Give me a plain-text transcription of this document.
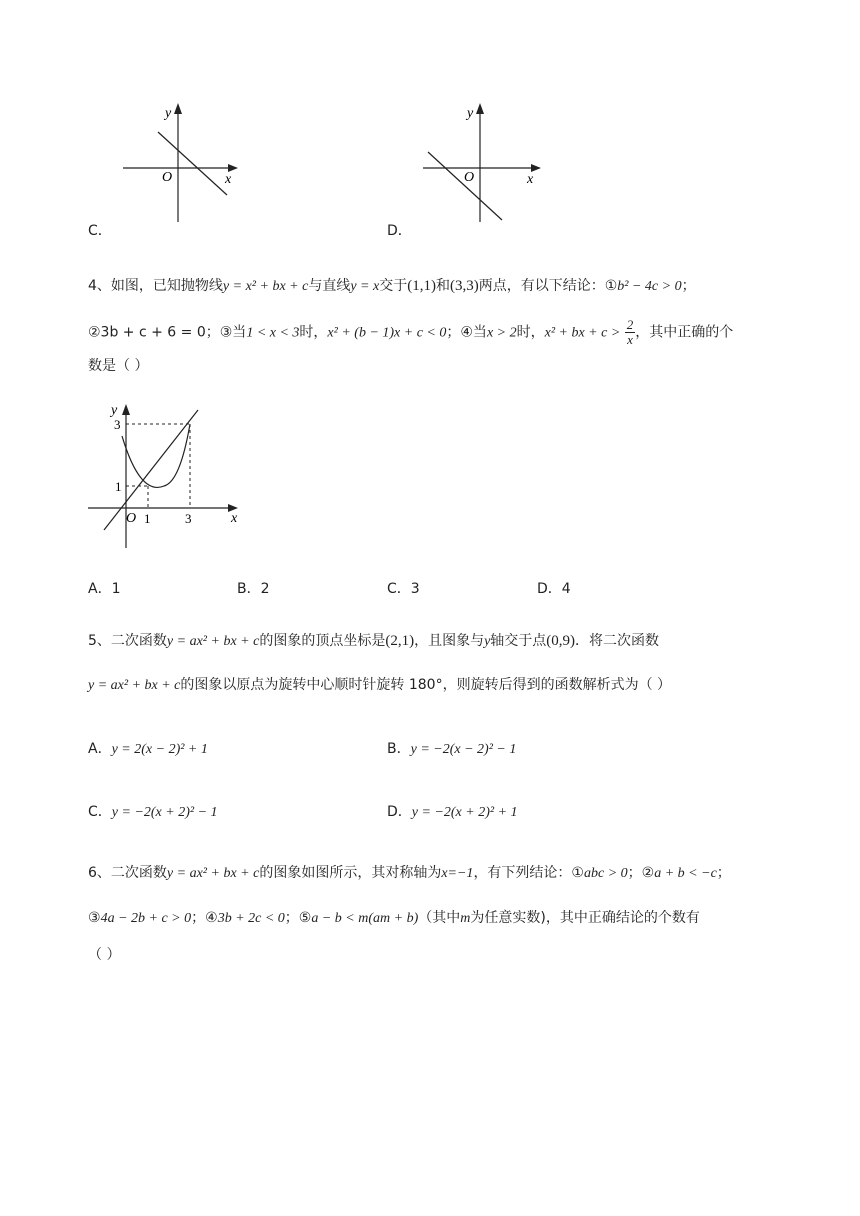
y
x
O
C．
y
x
O
D．
4、如图，已知抛物线y = x² + bx + c与直线y = x交于(1,1)和(3,3)两点，有以下结论：①b² − 4c > 0；
②3b + c + 6 = 0；③当1 < x < 3时，x² + (b − 1)x + c < 0；④当x > 2时，x² + bx + $c > \frac{2}{x}$ ，其中正确的个
数是（ ）
y
x
O
3
1
1	3
A．1	B．2	C．3	D．4
5、二次函数y = ax² + bx + c的图象的顶点坐标是(2,1)，且图象与y轴交于点(0,9)．将二次函数
y = ax² + bx + c的图象以原点为旋转中心顺时针旋转 180°，则旋转后得到的函数解析式为（ ）
A．y = 2(x − 2)² + 1	B．y = −2(x − 2)² − 1
C．y = −2(x + 2)² − 1	D．y = −2(x + 2)² + 1
6、二次函数y = ax² + bx + c的图象如图所示，其对称轴为x=−1，有下列结论：①abc > 0；②a + b < −c；
③4a − 2b + c > 0；④3b + 2c < 0；⑤a − b < m(am + b)（其中m为任意实数)，其中正确结论的个数有
（ ）
